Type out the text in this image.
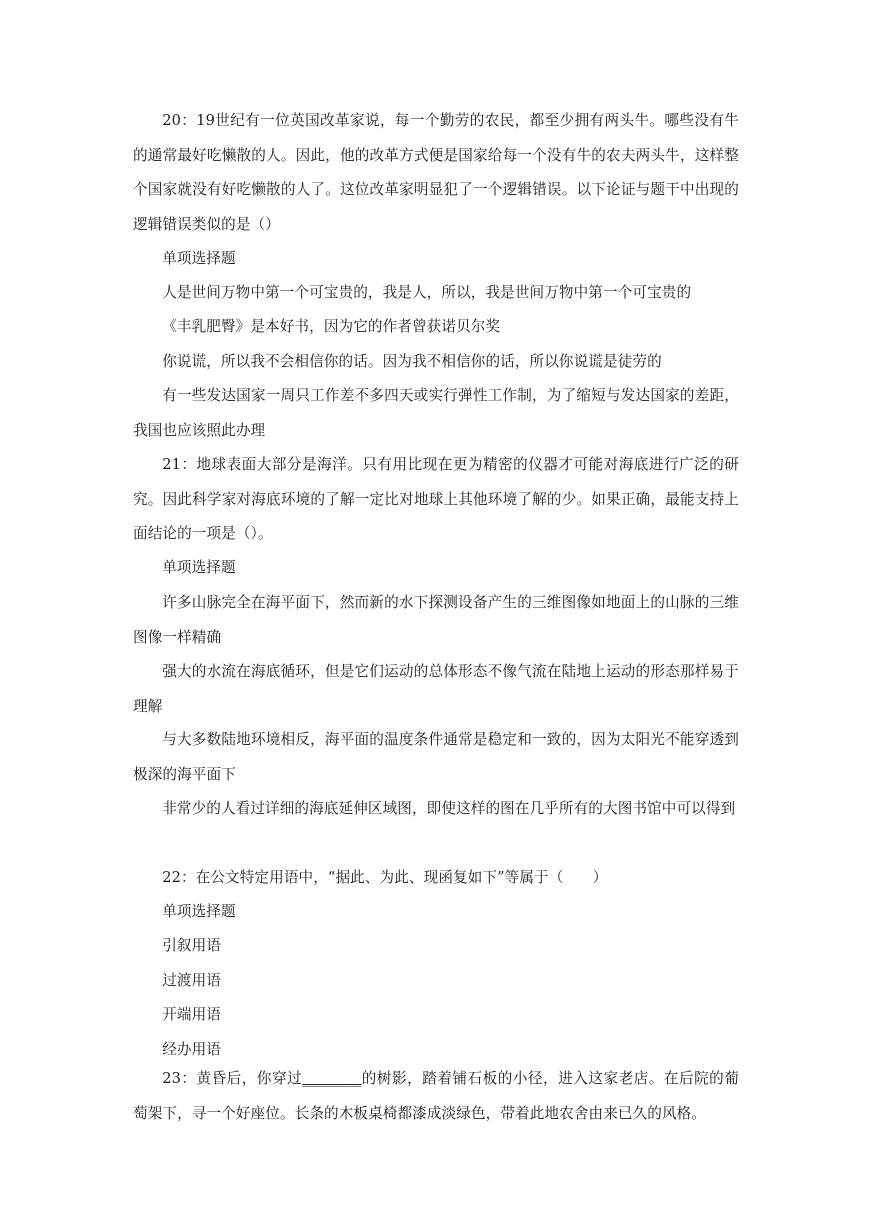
20：19世纪有一位英国改革家说，每一个勤劳的农民，都至少拥有两头牛。哪些没有牛的通常最好吃懒散的人。因此，他的改革方式便是国家给每一个没有牛的农夫两头牛，这样整个国家就没有好吃懒散的人了。这位改革家明显犯了一个逻辑错误。以下论证与题干中出现的逻辑错误类似的是（）

单项选择题

人是世间万物中第一个可宝贵的，我是人，所以，我是世间万物中第一个可宝贵的

《丰乳肥臀》是本好书，因为它的作者曾获诺贝尔奖

你说谎，所以我不会相信你的话。因为我不相信你的话，所以你说谎是徒劳的

有一些发达国家一周只工作差不多四天或实行弹性工作制，为了缩短与发达国家的差距，我国也应该照此办理

21：地球表面大部分是海洋。只有用比现在更为精密的仪器才可能对海底进行广泛的研究。因此科学家对海底环境的了解一定比对地球上其他环境了解的少。如果正确，最能支持上面结论的一项是（）。

单项选择题

许多山脉完全在海平面下，然而新的水下探测设备产生的三维图像如地面上的山脉的三维图像一样精确

强大的水流在海底循环，但是它们运动的总体形态不像气流在陆地上运动的形态那样易于理解

与大多数陆地环境相反，海平面的温度条件通常是稳定和一致的，因为太阳光不能穿透到极深的海平面下

非常少的人看过详细的海底延伸区域图，即使这样的图在几乎所有的大图书馆中可以得到

22：在公文特定用语中，“据此、为此、现函复如下”等属于（　　）

单项选择题

引叙用语

过渡用语

开端用语

经办用语

23：黄昏后，你穿过________的树影，踏着铺石板的小径，进入这家老店。在后院的葡萄架下，寻一个好座位。长条的木板桌椅都漆成淡绿色，带着此地农舍由来已久的风格。
